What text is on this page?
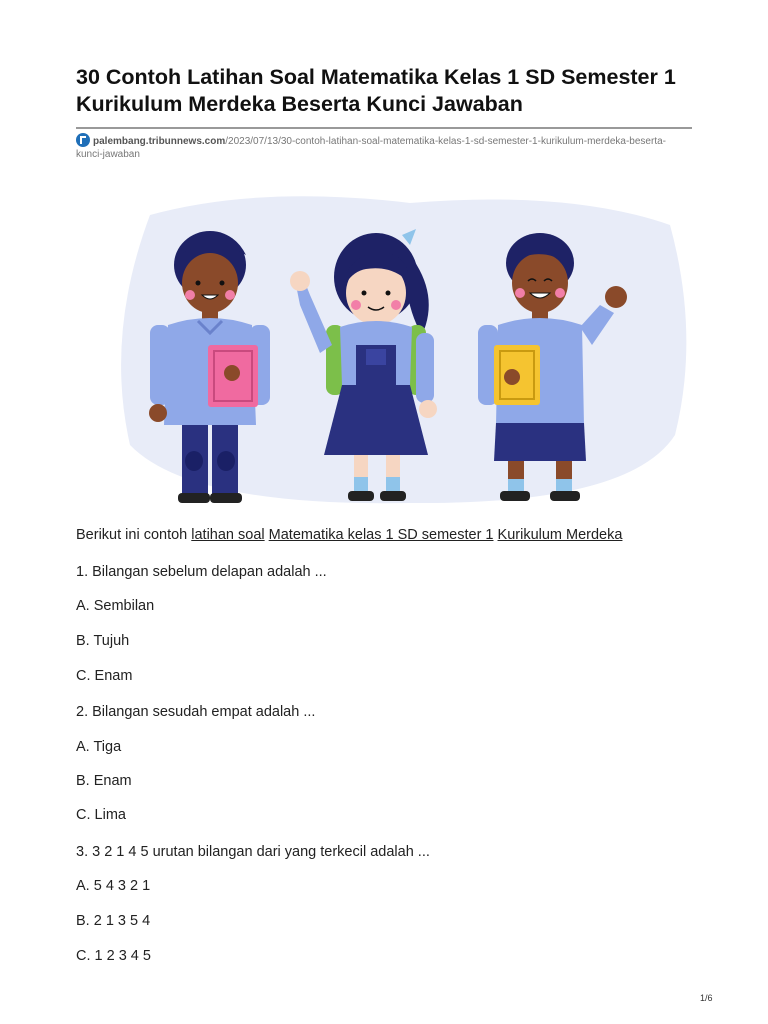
30 Contoh Latihan Soal Matematika Kelas 1 SD Semester 1 Kurikulum Merdeka Beserta Kunci Jawaban
palembang.tribunnews.com/2023/07/13/30-contoh-latihan-soal-matematika-kelas-1-sd-semester-1-kurikulum-merdeka-beserta-kunci-jawaban
Berikut ini contoh latihan soal Matematika kelas 1 SD semester 1 Kurikulum Merdeka
1. Bilangan sebelum delapan adalah ...
A. Sembilan
B. Tujuh
C. Enam
2. Bilangan sesudah empat adalah ...
A. Tiga
B. Enam
C. Lima
3. 3 2 1 4 5 urutan bilangan dari yang terkecil adalah ...
A. 5 4 3 2 1
B. 2 1 3 5 4
C. 1 2 3 4 5
1/6
